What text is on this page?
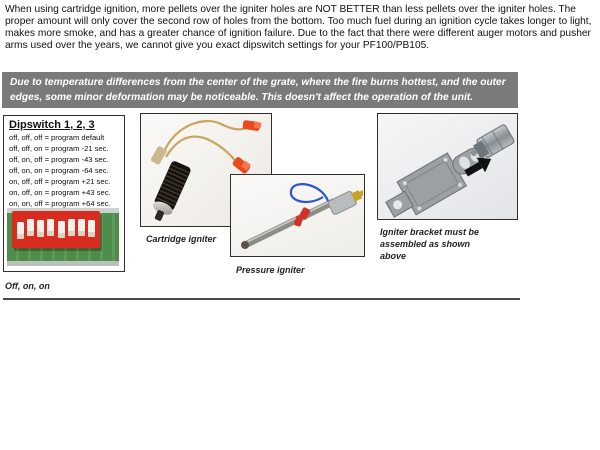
When using cartridge ignition, more pellets over the igniter holes are NOT BETTER than less pellets over the igniter holes. The proper amount will only cover the second row of holes from the bottom. Too much fuel during an ignition cycle takes longer to light, makes more smoke, and has a greater chance of ignition failure. Due to the fact that there were different auger motors and pusher arms used over the years, we cannot give you exact dipswitch settings for your PF100/PB105.
Due to temperature differences from the center of the grate, where the fire burns hottest, and the outer edges, some minor deformation may be noticeable. This doesn't affect the operation of the unit.
Dipswitch 1, 2, 3
off, off, off = program default
off, off, on = program -21 sec.
off, on, off = program -43 sec.
off, on, on = program -64 sec.
on, off, off = program +21 sec.
on, off, on = program +43 sec.
on, on, off = program +64 sec.
Off, on, on
Cartridge igniter
Pressure igniter
Igniter bracket must be assembled as shown above
